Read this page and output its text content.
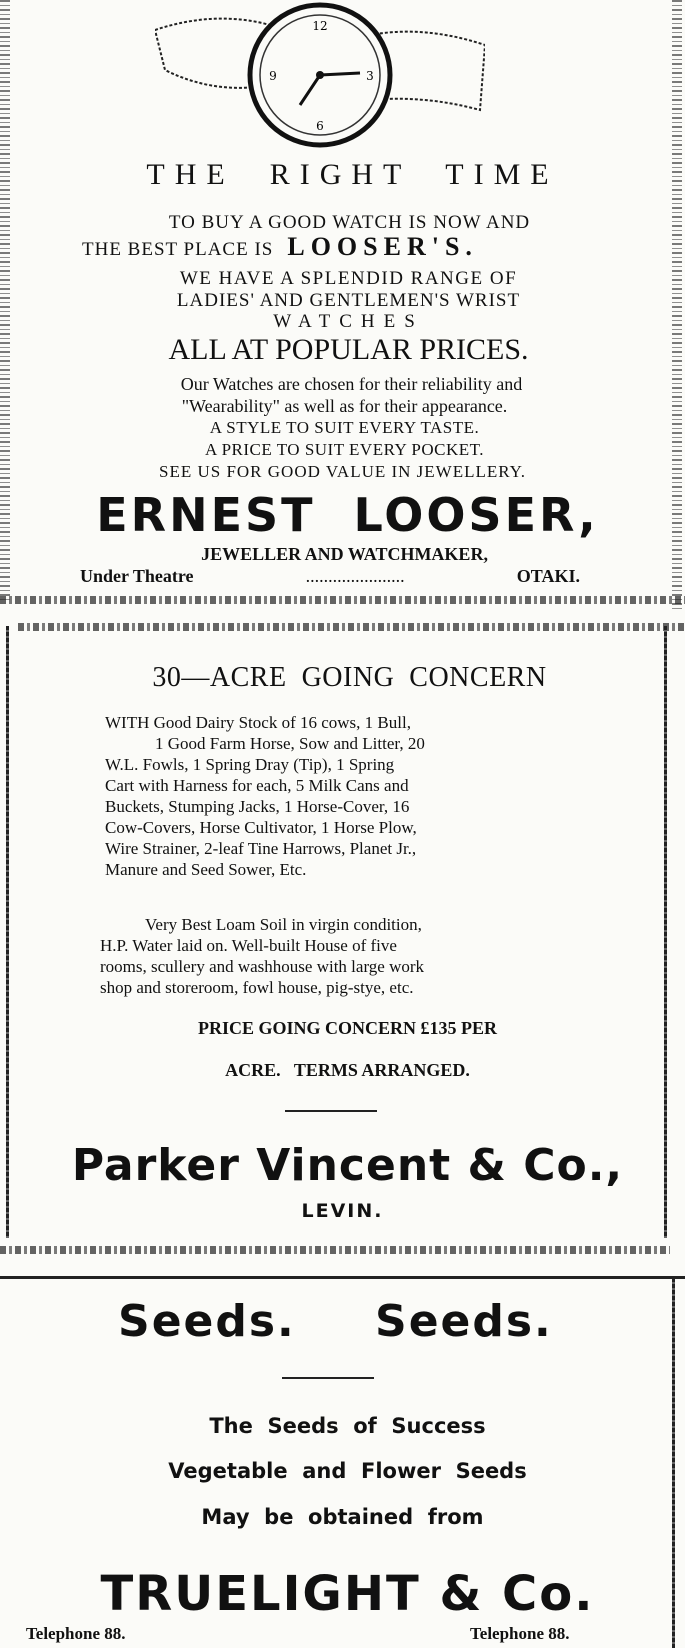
12
3
6
9
THE  RIGHT  TIME
TO BUY A GOOD WATCH IS NOW AND
THE BEST PLACE IS LOOSER'S.
WE HAVE A SPLENDID RANGE OF
LADIES' AND GENTLEMEN'S WRIST
WATCHES
ALL AT POPULAR PRICES.
Our Watches are chosen for their reliability and
"Wearability" as well as for their appearance.
A STYLE TO SUIT EVERY TASTE.
A PRICE TO SUIT EVERY POCKET.
SEE US FOR GOOD VALUE IN JEWELLERY.
ERNEST  LOOSER,
JEWELLER AND WATCHMAKER,
Under Theatre	......................	OTAKI.
30—ACRE  GOING  CONCERN
WITH Good Dairy Stock of 16 cows, 1 Bull,
1 Good Farm Horse, Sow and Litter, 20
W.L. Fowls, 1 Spring Dray (Tip), 1 Spring
Cart with Harness for each, 5 Milk Cans and
Buckets, Stumping Jacks, 1 Horse-Cover, 16
Cow-Covers, Horse Cultivator, 1 Horse Plow,
Wire Strainer, 2-leaf Tine Harrows, Planet Jr.,
Manure and Seed Sower, Etc.
Very Best Loam Soil in virgin condition,
H.P. Water laid on. Well-built House of five
rooms, scullery and washhouse with large work
shop and storeroom, fowl house, pig-stye, etc.
PRICE GOING CONCERN £135 PER
ACRE.   TERMS ARRANGED.
Parker Vincent & Co.,
LEVIN.
Seeds. Seeds.
The  Seeds  of  Success
Vegetable  and  Flower  Seeds
May  be  obtained  from
TRUELIGHT & Co.
Telephone 88.	Telephone 88.
